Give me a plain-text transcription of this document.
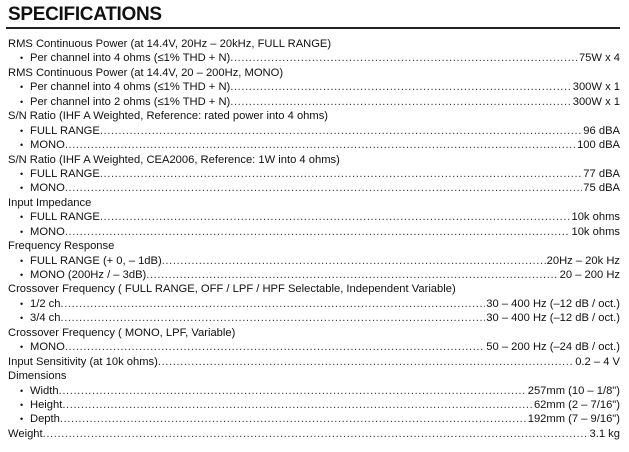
SPECIFICATIONS
RMS Continuous Power (at 14.4V, 20Hz – 20kHz, FULL RANGE)
• Per channel into 4 ohms (≤1% THD + N) .....	75W x 4
RMS Continuous Power (at 14.4V, 20 – 200Hz, MONO)
• Per channel into 4 ohms (≤1% THD + N) .....	300W x 1
• Per channel into 2 ohms (≤1% THD + N) .....	300W x 1
S/N Ratio (IHF A Weighted, Reference: rated power into 4 ohms)
• FULL RANGE .....	96 dBA
• MONO .....	100 dBA
S/N Ratio (IHF A Weighted, CEA2006, Reference: 1W into 4 ohms)
• FULL RANGE .....	77 dBA
• MONO .....	75 dBA
Input Impedance
• FULL RANGE .....	10k ohms
• MONO .....	10k ohms
Frequency Response
• FULL RANGE (+ 0, – 1dB) .....	20Hz – 20k Hz
• MONO (200Hz / – 3dB) .....	20 – 200 Hz
Crossover Frequency ( FULL RANGE, OFF / LPF / HPF Selectable, Independent Variable)
• 1/2 ch .....	30 – 400 Hz (–12 dB / oct.)
• 3/4 ch .....	30 – 400 Hz (–12 dB / oct.)
Crossover Frequency ( MONO, LPF, Variable)
• MONO .....	50 – 200 Hz (–24 dB / oct.)
Input Sensitivity (at 10k ohms) .....	0.2 – 4 V
Dimensions
• Width .....	257mm (10 – 1/8")
• Height .....	62mm (2 – 7/16")
• Depth .....	192mm (7 – 9/16")
Weight .....	3.1 kg
